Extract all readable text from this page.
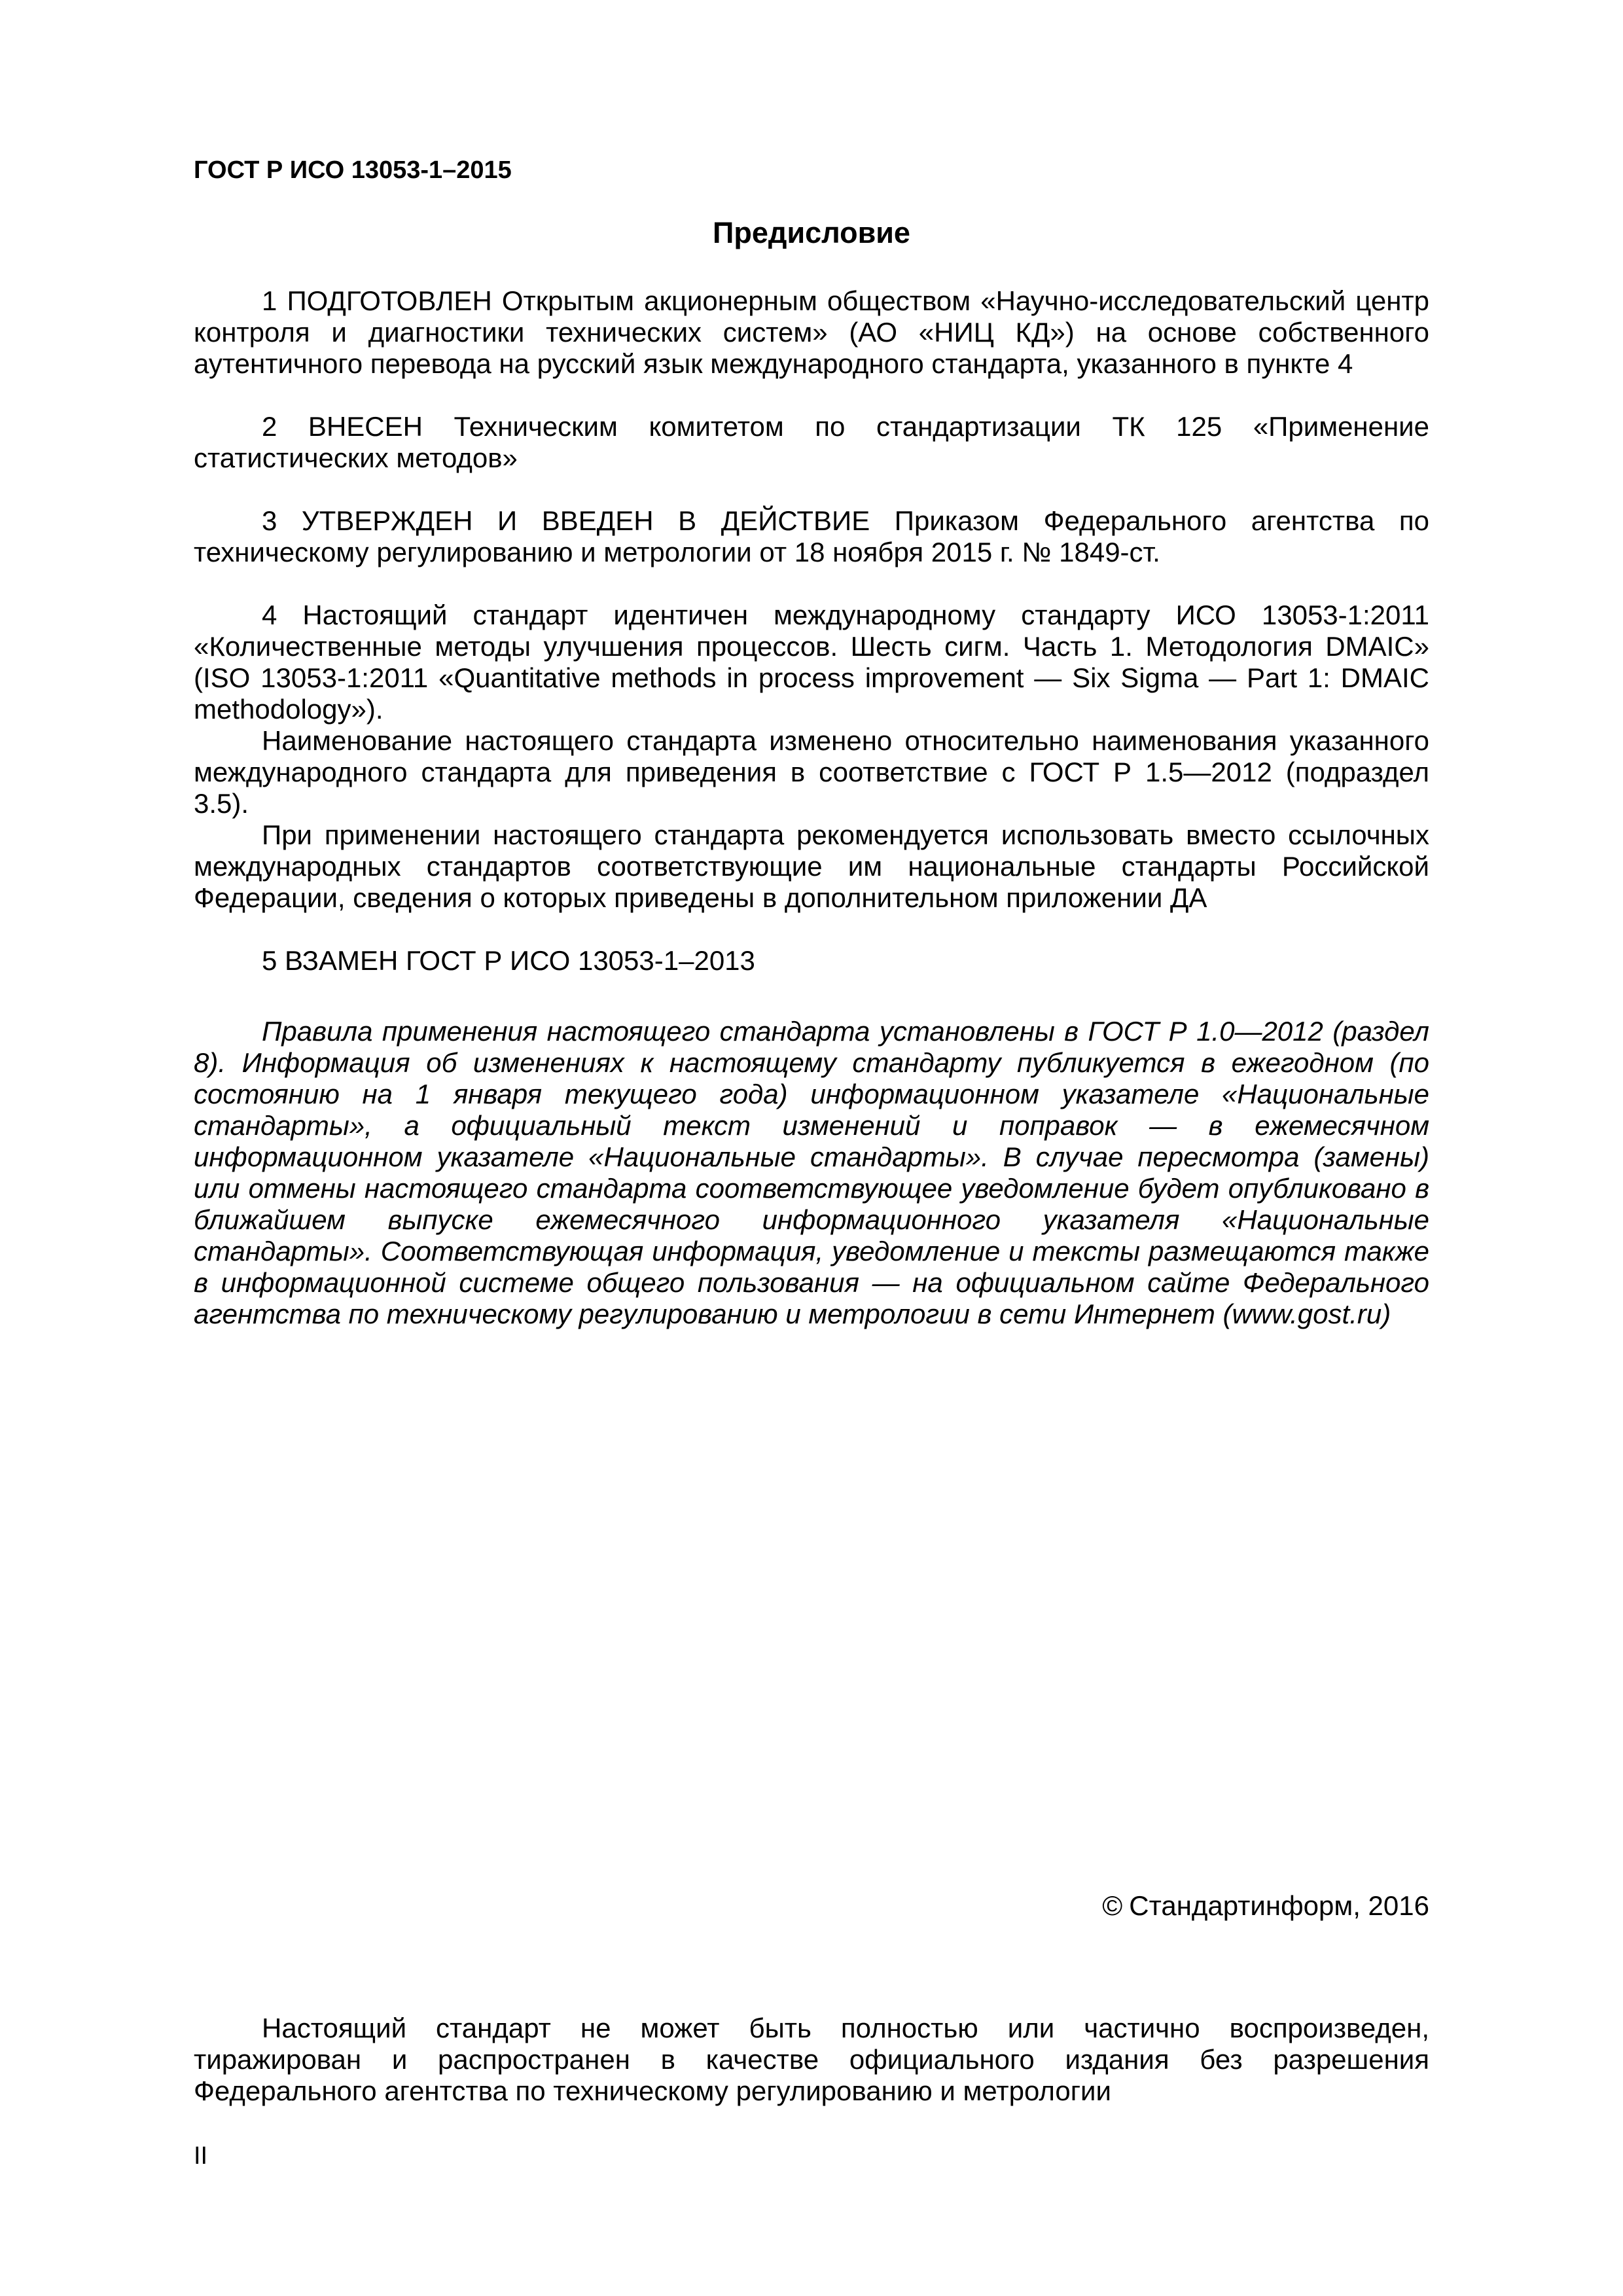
ГОСТ Р ИСО 13053-1–2015
Предисловие

1 ПОДГОТОВЛЕН Открытым акционерным обществом «Научно-исследовательский центр контроля и диагностики технических систем» (АО «НИЦ КД») на основе собственного аутентичного перевода на русский язык международного стандарта, указанного в пункте 4

2 ВНЕСЕН Техническим комитетом по стандартизации ТК 125 «Применение статистических методов»

3 УТВЕРЖДЕН И ВВЕДЕН В ДЕЙСТВИЕ Приказом Федерального агентства по техническому регулированию и метрологии от 18 ноября 2015 г. № 1849-ст.

4 Настоящий стандарт идентичен международному стандарту ИСО 13053-1:2011 «Количественные методы улучшения процессов. Шесть сигм. Часть 1. Методология DMAIC» (ISO 13053-1:2011 «Quantitative methods in process improvement — Six Sigma — Part 1: DMAIC methodology»).

Наименование настоящего стандарта изменено относительно наименования указанного международного стандарта для приведения в соответствие с ГОСТ Р 1.5—2012 (подраздел 3.5).

При применении настоящего стандарта рекомендуется использовать вместо ссылочных международных стандартов соответствующие им национальные стандарты Российской Федерации, сведения о которых приведены в дополнительном приложении ДА

5 ВЗАМЕН ГОСТ Р ИСО 13053-1–2013

Правила применения настоящего стандарта установлены в ГОСТ Р 1.0—2012 (раздел 8). Информация об изменениях к настоящему стандарту публикуется в ежегодном (по состоянию на 1 января текущего года) информационном указателе «Национальные стандарты», а официальный текст изменений и поправок — в ежемесячном информационном указателе «Национальные стандарты». В случае пересмотра (замены) или отмены настоящего стандарта соответствующее уведомление будет опубликовано в ближайшем выпуске ежемесячного информационного указателя «Национальные стандарты». Соответствующая информация, уведомление и тексты размещаются также в информационной системе общего пользования — на официальном сайте Федерального агентства по техническому регулированию и метрологии в сети Интернет (www.gost.ru)

© Стандартинформ, 2016

Настоящий стандарт не может быть полностью или частично воспроизведен, тиражирован и распространен в качестве официального издания без разрешения Федерального агентства по техническому регулированию и метрологии

II
